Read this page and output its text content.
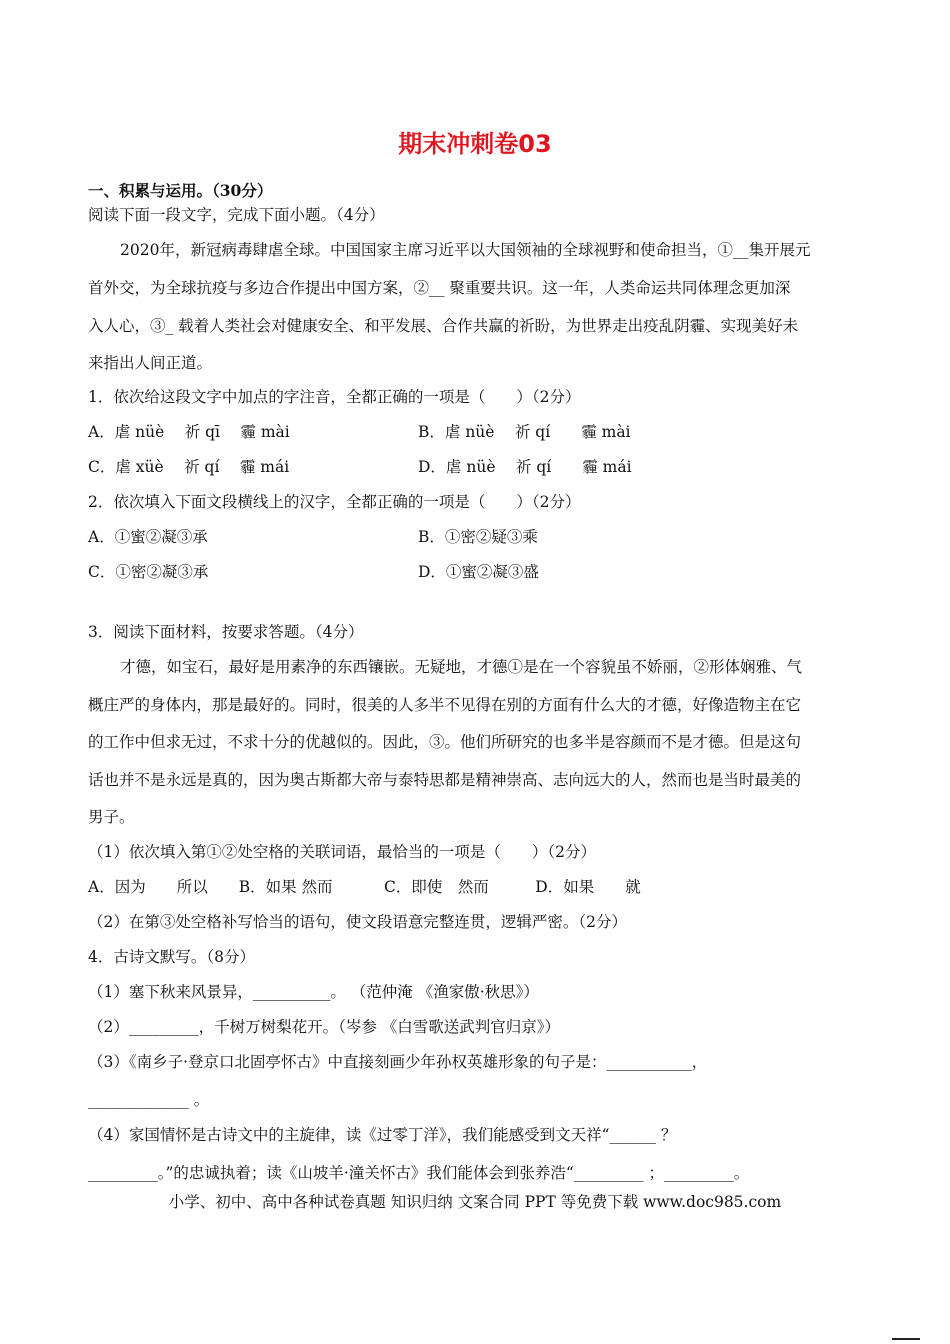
期末冲刺卷03
一、积累与运用。（30分）
阅读下面一段文字，完成下面小题。（4分）
2020年，新冠病毒肆虐全球。中国国家主席习近平以大国领袖的全球视野和使命担当，①__集开展元
首外交，为全球抗疫与多边合作提出中国方案，②__ 聚重要共识。这一年，人类命运共同体理念更加深
入人心，③_ 载着人类社会对健康安全、和平发展、合作共赢的祈盼，为世界走出疫乱阴霾、实现美好未
来指出人间正道。
1．依次给这段文字中加点的字注音，全都正确的一项是（　　）（2分）
A．虐 nüè　 祈 qī　 霾 mài	B．虐 nüè　 祈 qí　　霾 mài
C．虐 xüè　 祈 qí　 霾 mái	D．虐 nüè　 祈 qí　　霾 mái
2．依次填入下面文段横线上的汉字，全都正确的一项是（　　）（2分）
A．①蜜②凝③承	B．①密②疑③乘
C．①密②凝③承	D．①蜜②凝③盛
3．阅读下面材料，按要求答题。（4分）
才德，如宝石，最好是用素净的东西镶嵌。无疑地，才德①是在一个容貌虽不娇丽，②形体娴雅、气
概庄严的身体内，那是最好的。同时，很美的人多半不见得在别的方面有什么大的才德，好像造物主在它
的工作中但求无过，不求十分的优越似的。因此，③。他们所研究的也多半是容颜而不是才德。但是这句
话也并不是永远是真的，因为奥古斯都大帝与泰特思都是精神崇高、志向远大的人，然而也是当时最美的
男子。
（1）依次填入第①②处空格的关联词语，最恰当的一项是（　　）（2分）
A．因为　　所以　　B．如果 然而　　　 C．即使　然而　　　D．如果　　就
（2）在第③处空格补写恰当的语句，使文段语意完整连贯，逻辑严密。（2分）
4．古诗文默写。（8分）
（1）塞下秋来风景异，__________。 （范仲淹 《渔家傲·秋思》）
（2）_________，千树万树梨花开。（岑参 《白雪歌送武判官归京》）
（3）《南乡子·登京口北固亭怀古》中直接刻画少年孙权英雄形象的句子是：___________，
_____________ 。
（4）家国情怀是古诗文中的主旋律，读《过零丁洋》，我们能感受到文天祥“______ ？
_________。”的忠诚执着；读《山坡羊·潼关怀古》我们能体会到张养浩“_________ ；_________。
小学、初中、高中各种试卷真题 知识归纳 文案合同 PPT 等免费下载 www.doc985.com
